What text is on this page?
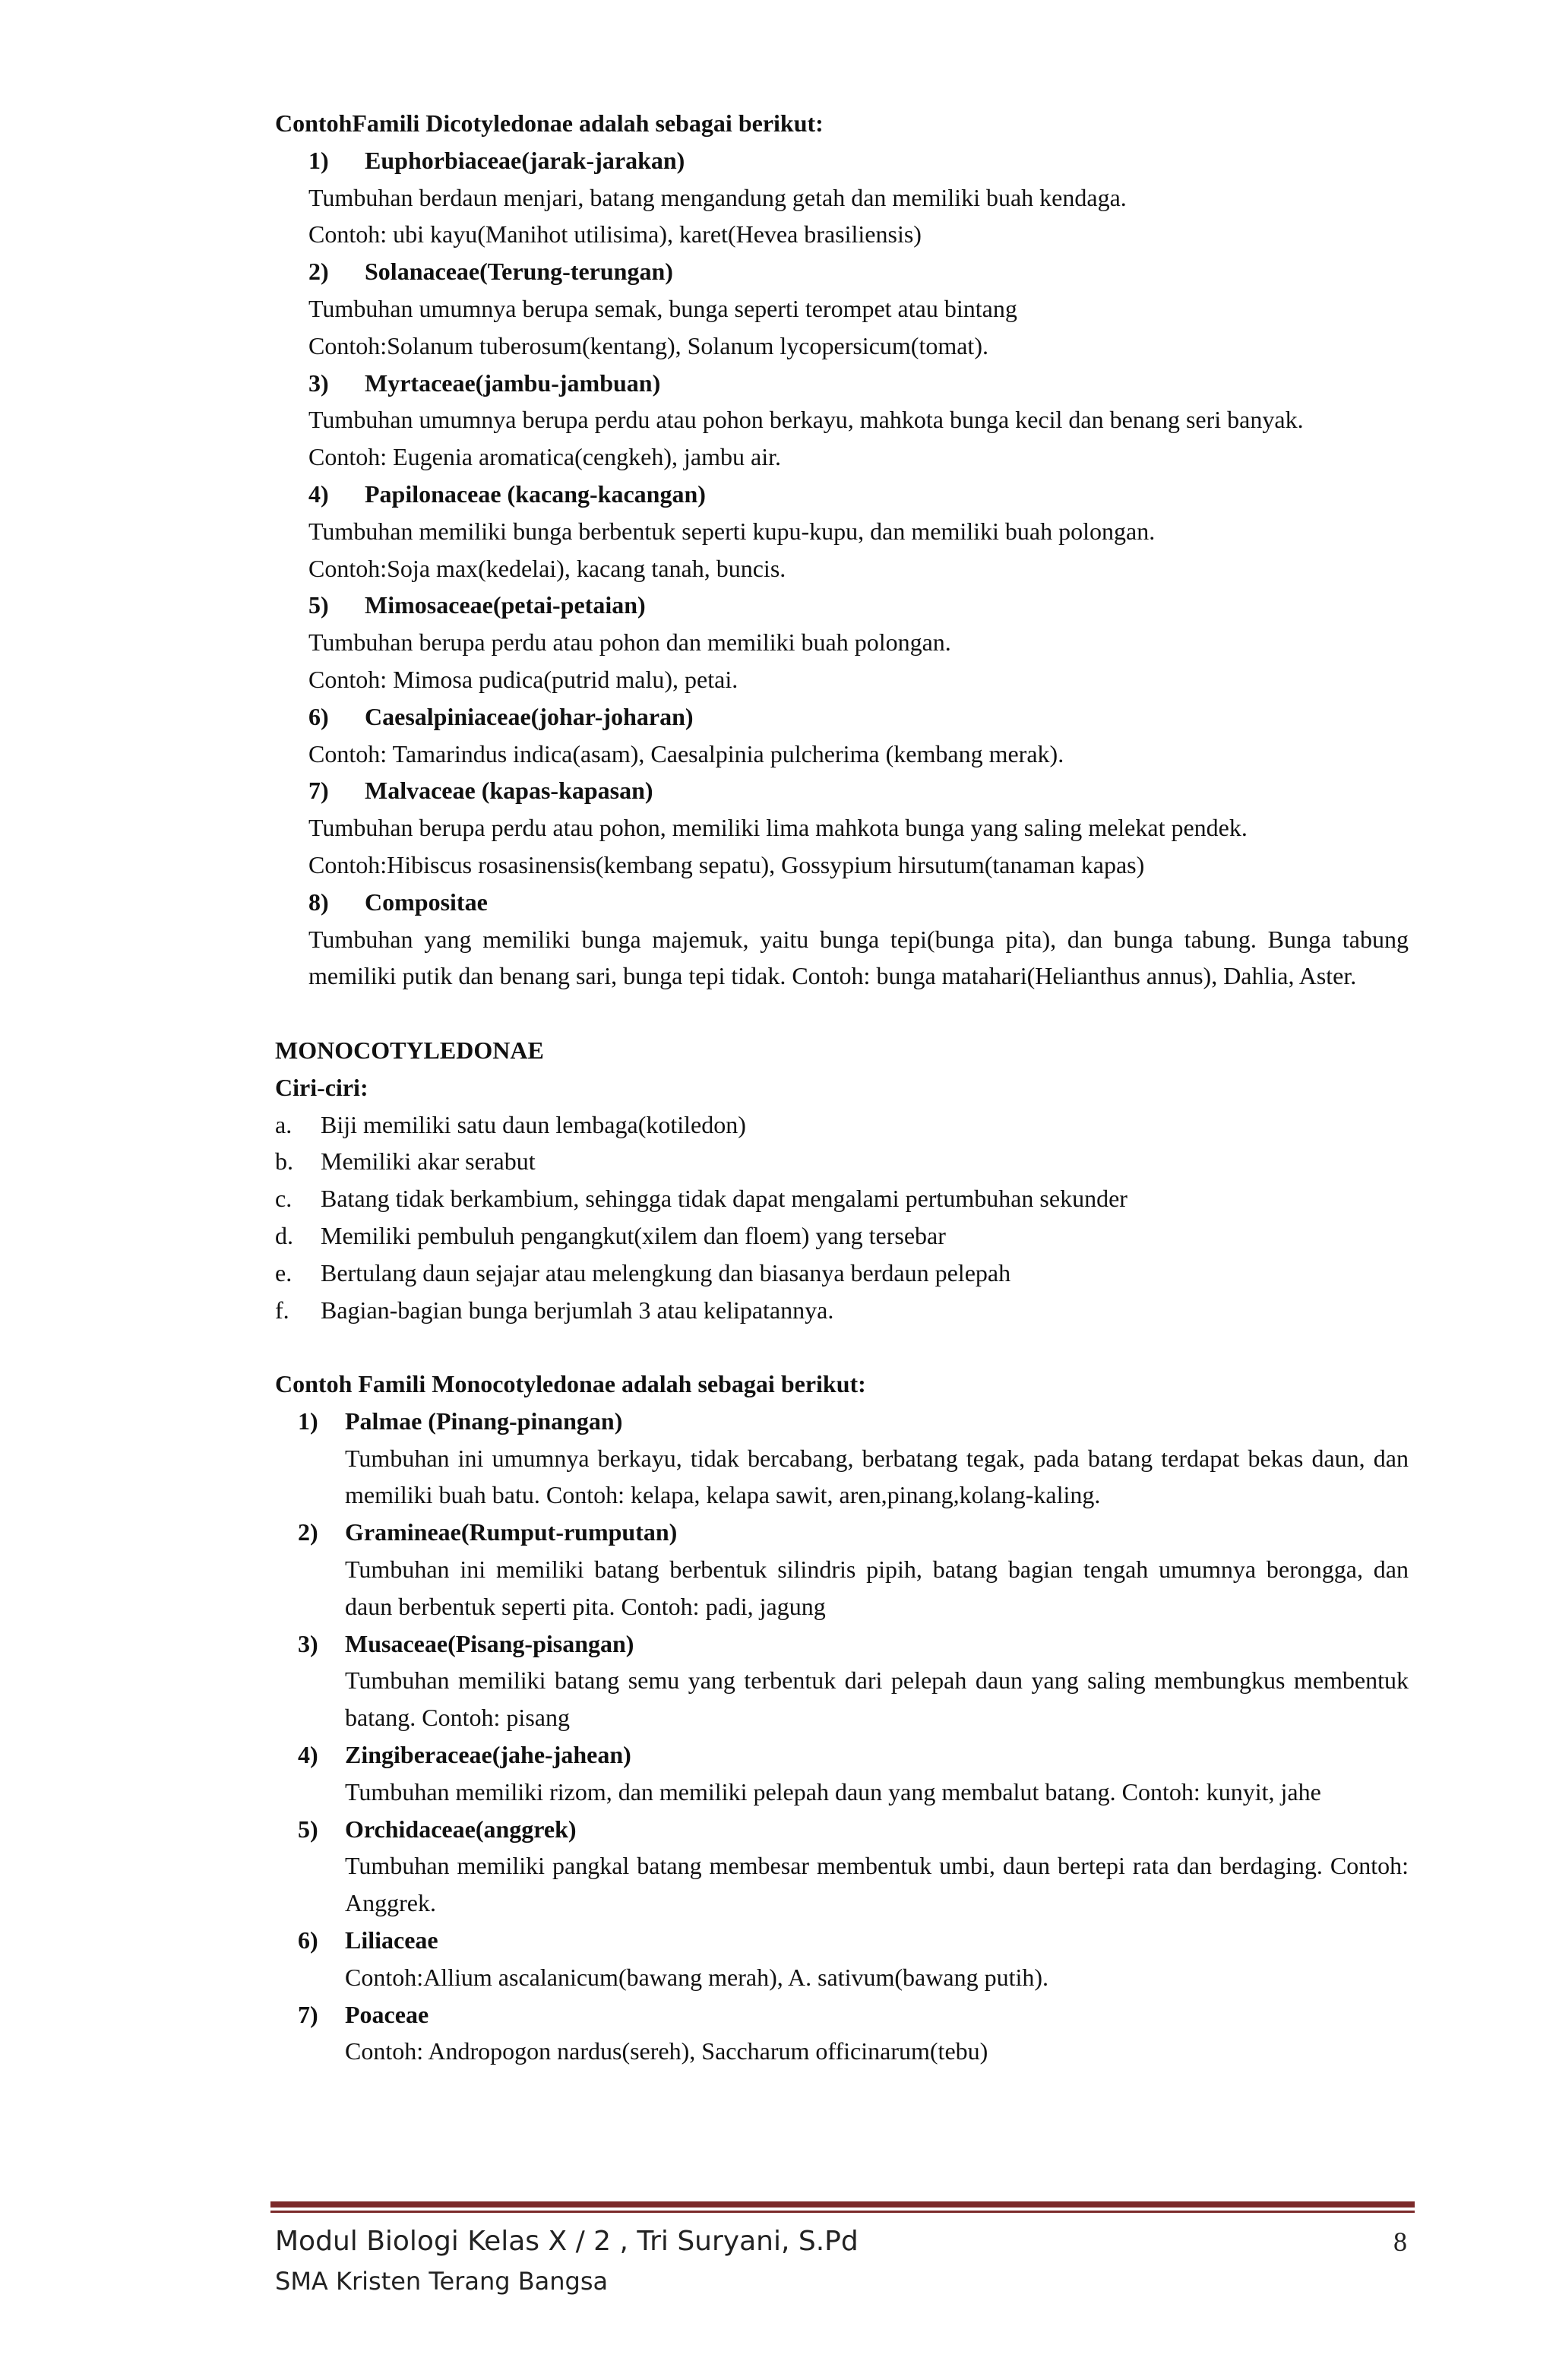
ContohFamili Dicotyledonae adalah sebagai berikut:
1)	Euphorbiaceae(jarak-jarakan)
Tumbuhan berdaun menjari, batang mengandung getah dan memiliki buah kendaga.
Contoh: ubi kayu(Manihot utilisima), karet(Hevea brasiliensis)
2)	Solanaceae(Terung-terungan)
Tumbuhan umumnya berupa semak, bunga seperti terompet atau bintang
Contoh:Solanum tuberosum(kentang), Solanum lycopersicum(tomat).
3)	Myrtaceae(jambu-jambuan)
Tumbuhan umumnya berupa perdu atau pohon berkayu, mahkota bunga kecil dan benang seri banyak.
Contoh: Eugenia aromatica(cengkeh), jambu air.
4)	Papilonaceae (kacang-kacangan)
Tumbuhan memiliki bunga berbentuk seperti kupu-kupu, dan memiliki buah polongan.
Contoh:Soja max(kedelai), kacang tanah, buncis.
5)	Mimosaceae(petai-petaian)
Tumbuhan berupa perdu atau pohon dan memiliki buah polongan.
Contoh: Mimosa pudica(putrid malu), petai.
6)	Caesalpiniaceae(johar-joharan)
Contoh: Tamarindus indica(asam), Caesalpinia pulcherima (kembang merak).
7)	Malvaceae (kapas-kapasan)
Tumbuhan berupa perdu atau pohon, memiliki lima mahkota bunga yang saling melekat pendek.
Contoh:Hibiscus rosasinensis(kembang sepatu), Gossypium hirsutum(tanaman kapas)
8)	Compositae
Tumbuhan yang memiliki bunga majemuk, yaitu bunga tepi(bunga pita), dan bunga tabung. Bunga tabung memiliki putik dan benang sari, bunga tepi tidak. Contoh: bunga matahari(Helianthus annus), Dahlia, Aster.
MONOCOTYLEDONAE
Ciri-ciri:
a.	Biji memiliki satu daun lembaga(kotiledon)
b.	Memiliki akar serabut
c.	Batang tidak berkambium, sehingga tidak dapat mengalami pertumbuhan sekunder
d.	Memiliki pembuluh pengangkut(xilem dan floem) yang tersebar
e.	Bertulang daun sejajar atau melengkung dan biasanya berdaun pelepah
f.	Bagian-bagian bunga berjumlah 3 atau kelipatannya.
Contoh Famili Monocotyledonae adalah sebagai berikut:
1)	Palmae (Pinang-pinangan)
Tumbuhan ini umumnya berkayu, tidak bercabang, berbatang tegak, pada batang terdapat bekas daun, dan memiliki buah batu. Contoh: kelapa, kelapa sawit, aren,pinang,kolang-kaling.
2)	Gramineae(Rumput-rumputan)
Tumbuhan ini memiliki batang berbentuk silindris pipih, batang bagian tengah umumnya berongga, dan daun berbentuk seperti pita. Contoh: padi, jagung
3)	Musaceae(Pisang-pisangan)
Tumbuhan memiliki batang semu yang terbentuk dari pelepah daun yang saling membungkus membentuk batang. Contoh: pisang
4)	Zingiberaceae(jahe-jahean)
Tumbuhan memiliki rizom, dan memiliki pelepah daun yang membalut batang. Contoh: kunyit, jahe
5)	Orchidaceae(anggrek)
Tumbuhan memiliki pangkal batang membesar membentuk umbi, daun bertepi rata dan berdaging. Contoh: Anggrek.
6)	Liliaceae
Contoh:Allium ascalanicum(bawang merah), A. sativum(bawang putih).
7)	Poaceae
Contoh: Andropogon nardus(sereh), Saccharum officinarum(tebu)
Modul Biologi Kelas X / 2 , Tri Suryani, S.Pd	8
SMA Kristen Terang Bangsa
